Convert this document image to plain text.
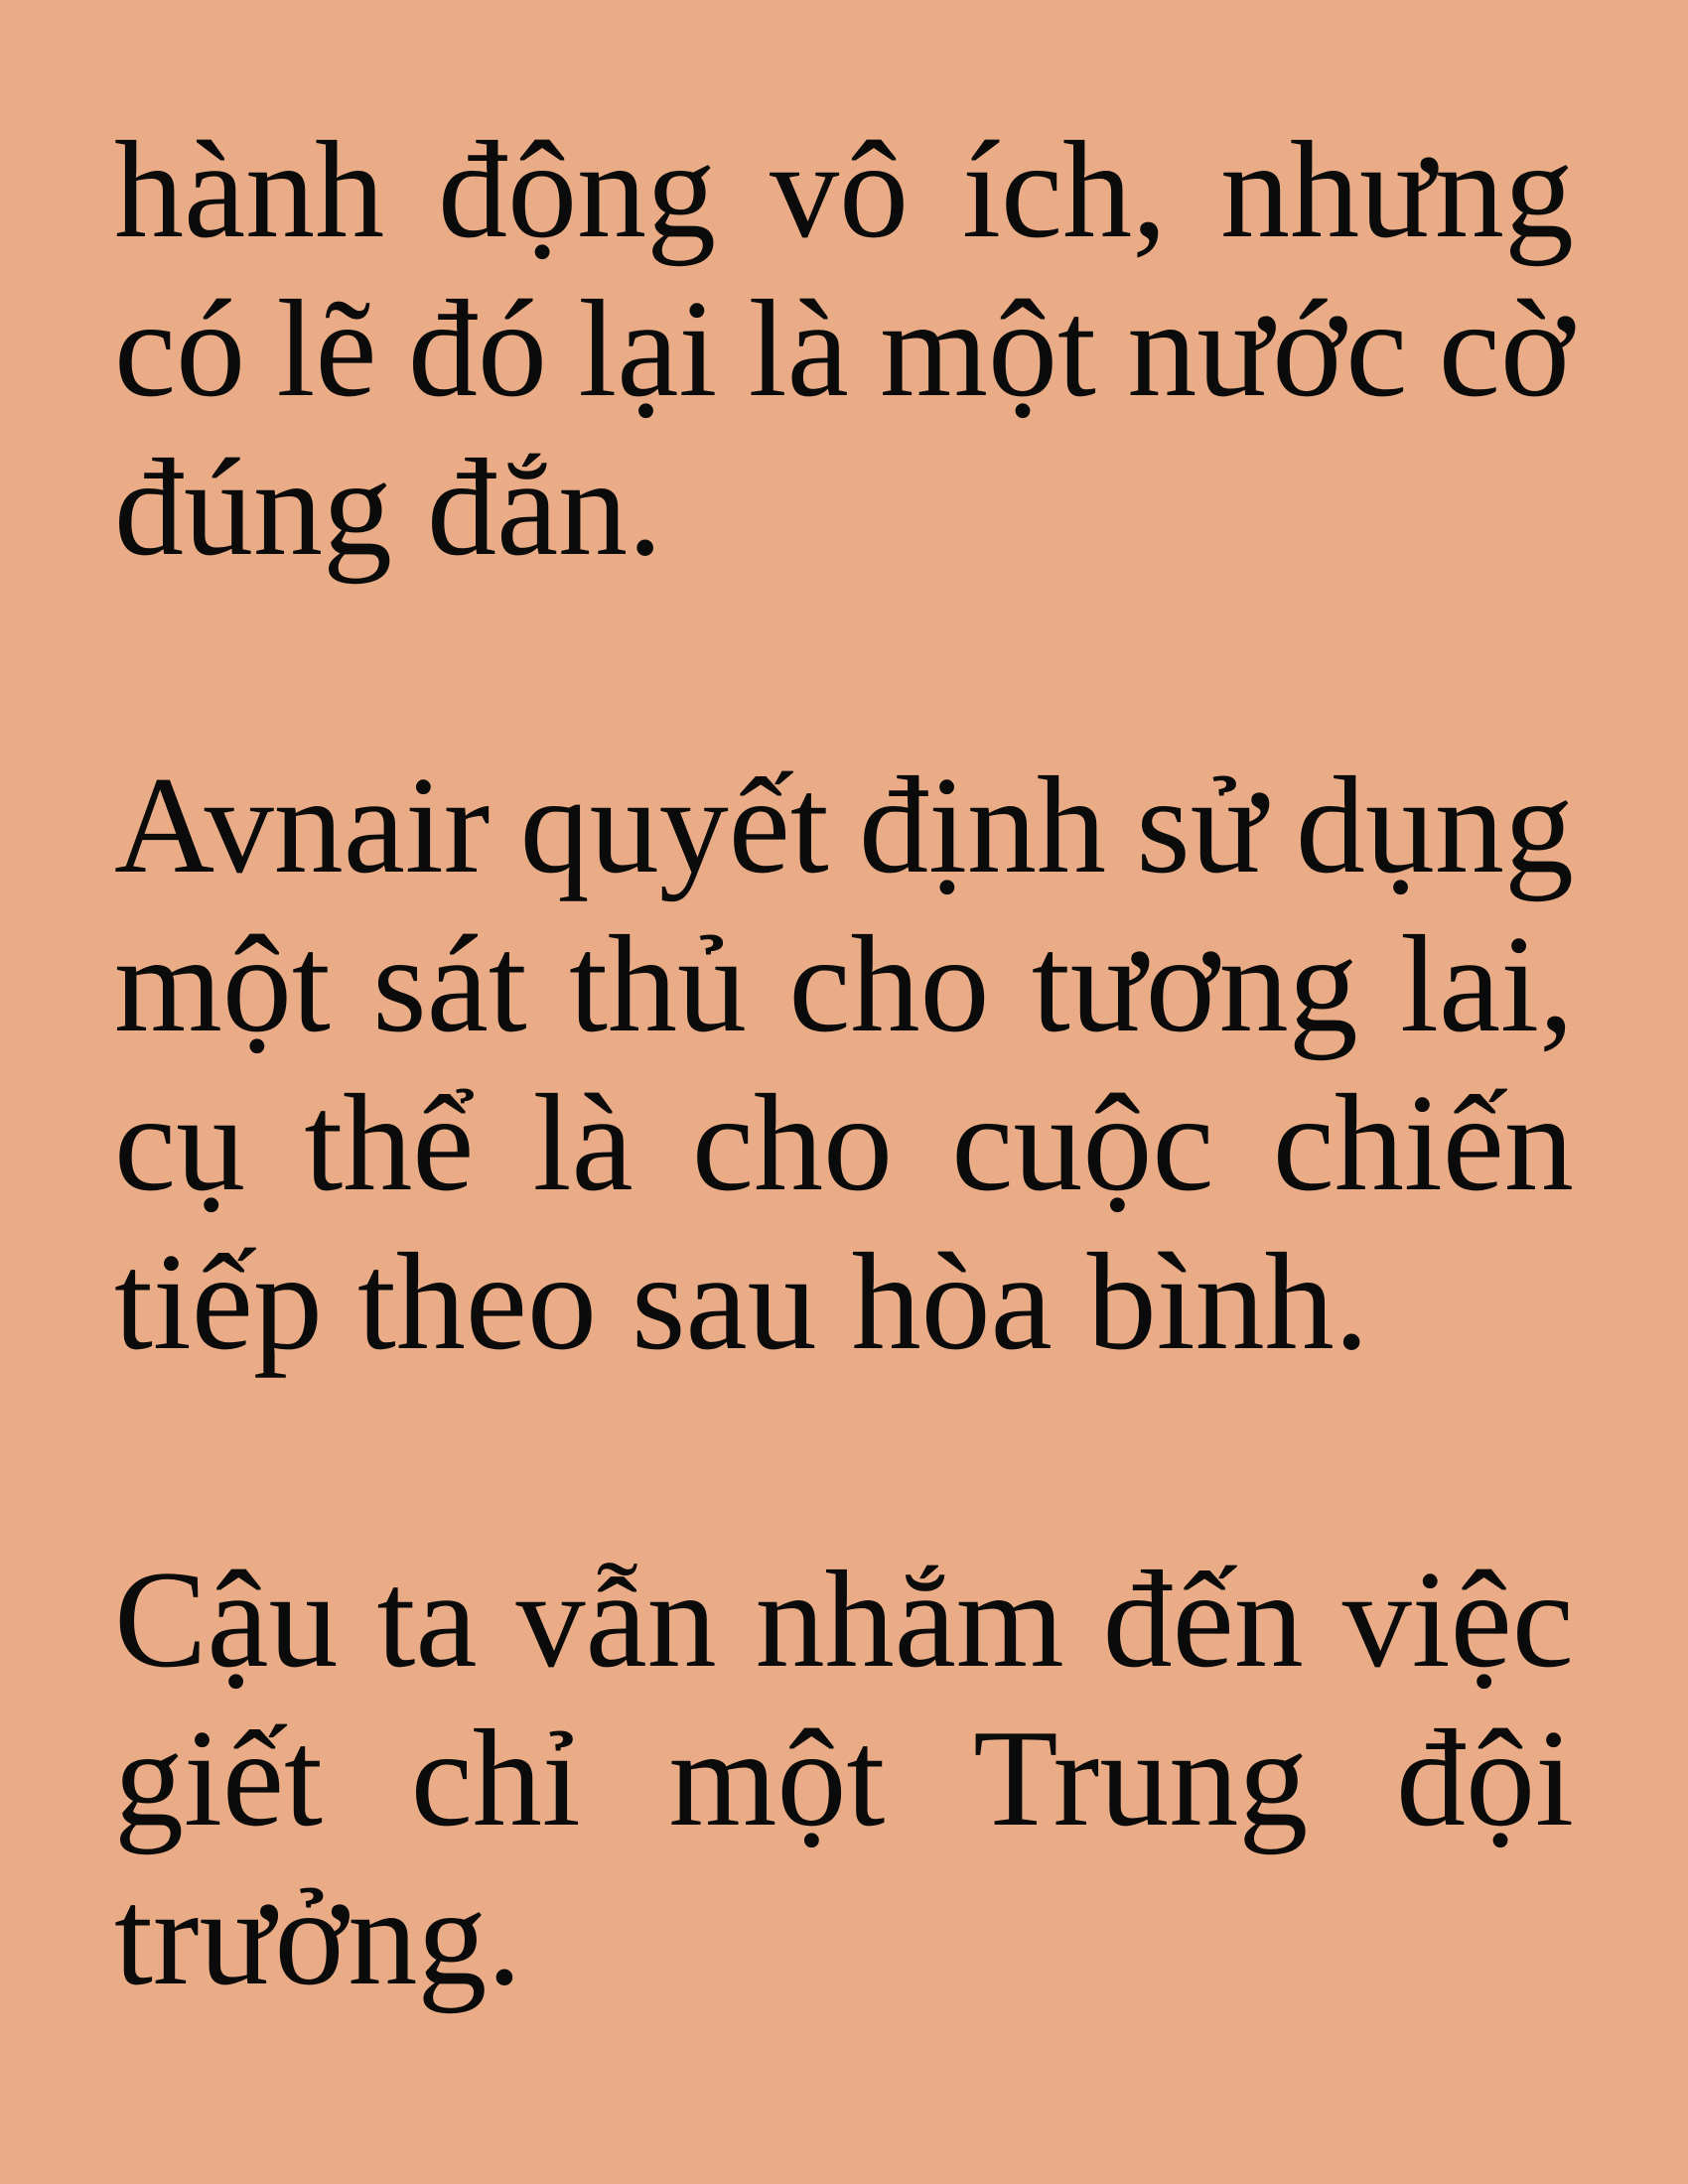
hành động vô ích, nhưng
có lẽ đó lại là một nước cờ
đúng đắn.
Avnair quyết định sử dụng
một sát thủ cho tương lai,
cụ thể là cho cuộc chiến
tiếp theo sau hòa bình.
Cậu ta vẫn nhắm đến việc
giết chỉ một Trung đội
trưởng.
